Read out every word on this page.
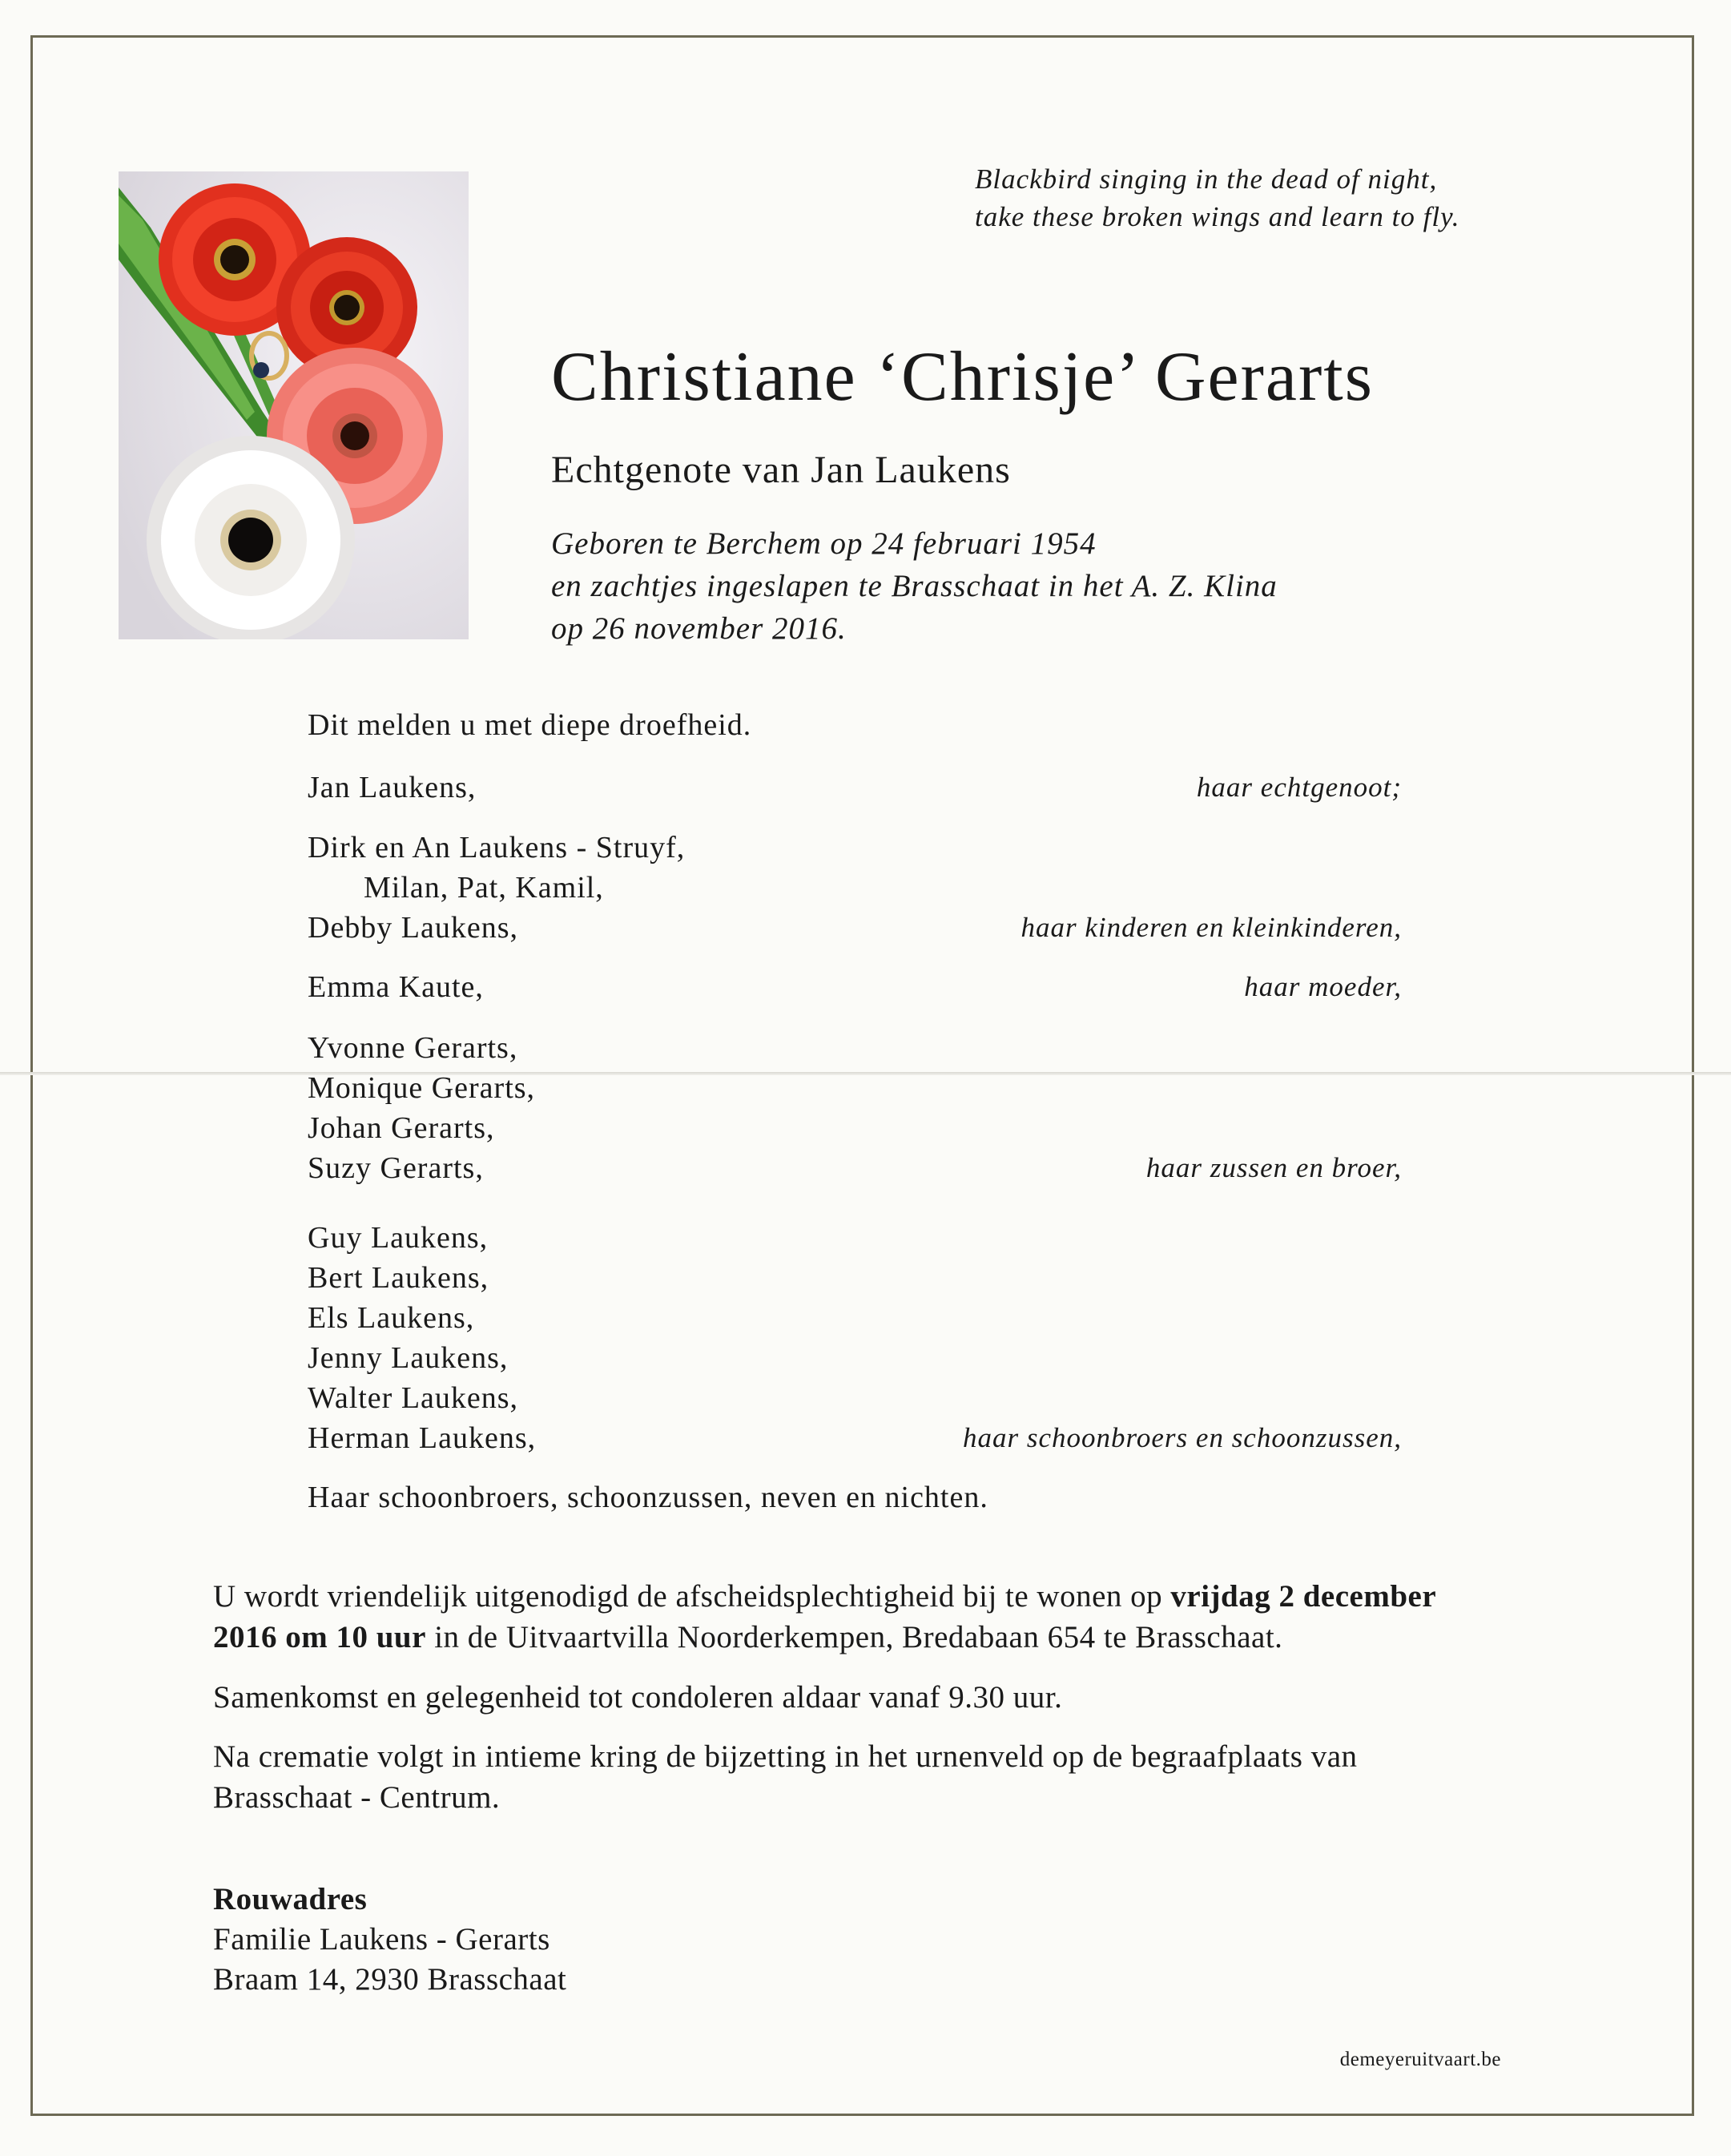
Blackbird singing in the dead of night,
take these broken wings and learn to fly.
Christiane ‘Chrisje’ Gerarts
Echtgenote van Jan Laukens
Geboren te Berchem op 24 februari 1954
en zachtjes ingeslapen te Brasschaat in het A. Z. Klina
op 26 november 2016.
Dit melden u met diepe droefheid.
Jan Laukens,	haar echtgenoot;
Dirk en An Laukens - Struyf,
Milan, Pat, Kamil,
Debby Laukens,	haar kinderen en kleinkinderen,
Emma Kaute,	haar moeder,
Yvonne Gerarts,
Monique Gerarts,
Johan Gerarts,
Suzy Gerarts,	haar zussen en broer,
Guy Laukens,
Bert Laukens,
Els Laukens,
Jenny Laukens,
Walter Laukens,
Herman Laukens,	haar schoonbroers en schoonzussen,
Haar schoonbroers, schoonzussen, neven en nichten.
U wordt vriendelijk uitgenodigd de afscheidsplechtigheid bij te wonen op vrijdag 2 december
2016 om 10 uur in de Uitvaartvilla Noorderkempen, Bredabaan 654 te Brasschaat.
Samenkomst en gelegenheid tot condoleren aldaar vanaf 9.30 uur.
Na crematie volgt in intieme kring de bijzetting in het urnenveld op de begraafplaats van
Brasschaat - Centrum.
Rouwadres
Familie Laukens - Gerarts
Braam 14, 2930 Brasschaat
demeyeruitvaart.be
